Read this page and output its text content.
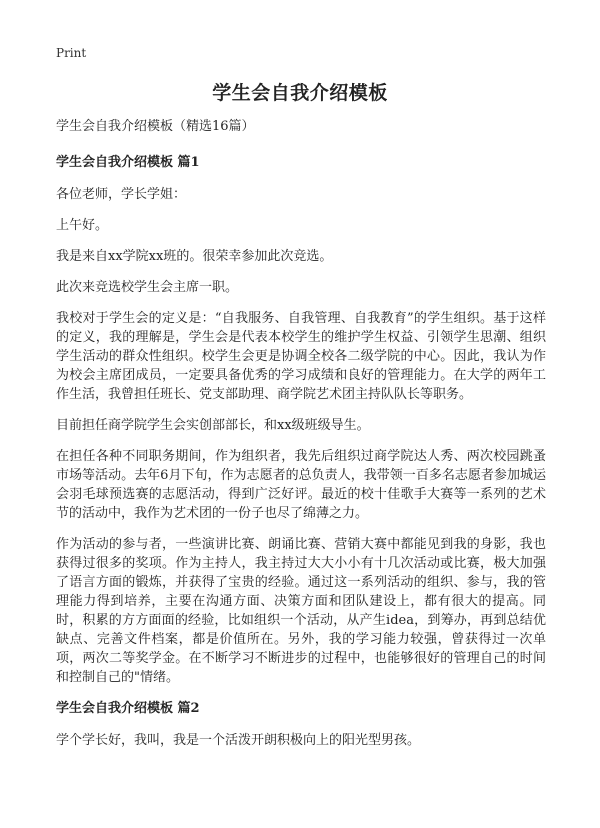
Print
学生会自我介绍模板
学生会自我介绍模板（精选16篇）
学生会自我介绍模板 篇1
各位老师，学长学姐：
上午好。
我是来自xx学院xx班的。很荣幸参加此次竞选。
此次来竞选校学生会主席一职。
我校对于学生会的定义是：“自我服务、自我管理、自我教育”的学生组织。基于这样的定义，我的理解是，学生会是代表本校学生的维护学生权益、引领学生思潮、组织学生活动的群众性组织。校学生会更是协调全校各二级学院的中心。因此，我认为作为校会主席团成员，一定要具备优秀的学习成绩和良好的管理能力。在大学的两年工作生活，我曾担任班长、党支部助理、商学院艺术团主持队队长等职务。
目前担任商学院学生会实创部部长，和xx级班级导生。
在担任各种不同职务期间，作为组织者，我先后组织过商学院达人秀、两次校园跳蚤市场等活动。去年6月下旬，作为志愿者的总负责人，我带领一百多名志愿者参加城运会羽毛球预选赛的志愿活动，得到广泛好评。最近的校十佳歌手大赛等一系列的艺术节的活动中，我作为艺术团的一份子也尽了绵薄之力。
作为活动的参与者，一些演讲比赛、朗诵比赛、营销大赛中都能见到我的身影，我也获得过很多的奖项。作为主持人，我主持过大大小小有十几次活动或比赛，极大加强了语言方面的锻炼，并获得了宝贵的经验。通过这一系列活动的组织、参与，我的管理能力得到培养，主要在沟通方面、决策方面和团队建设上，都有很大的提高。同时，积累的方方面面的经验，比如组织一个活动，从产生idea，到筹办，再到总结优缺点、完善文件档案，都是价值所在。另外，我的学习能力较强，曾获得过一次单项，两次二等奖学金。在不断学习不断进步的过程中，也能够很好的管理自己的时间和控制自己的"情绪。
学生会自我介绍模板 篇2
学个学长好，我叫，我是一个活泼开朗积极向上的阳光型男孩。
